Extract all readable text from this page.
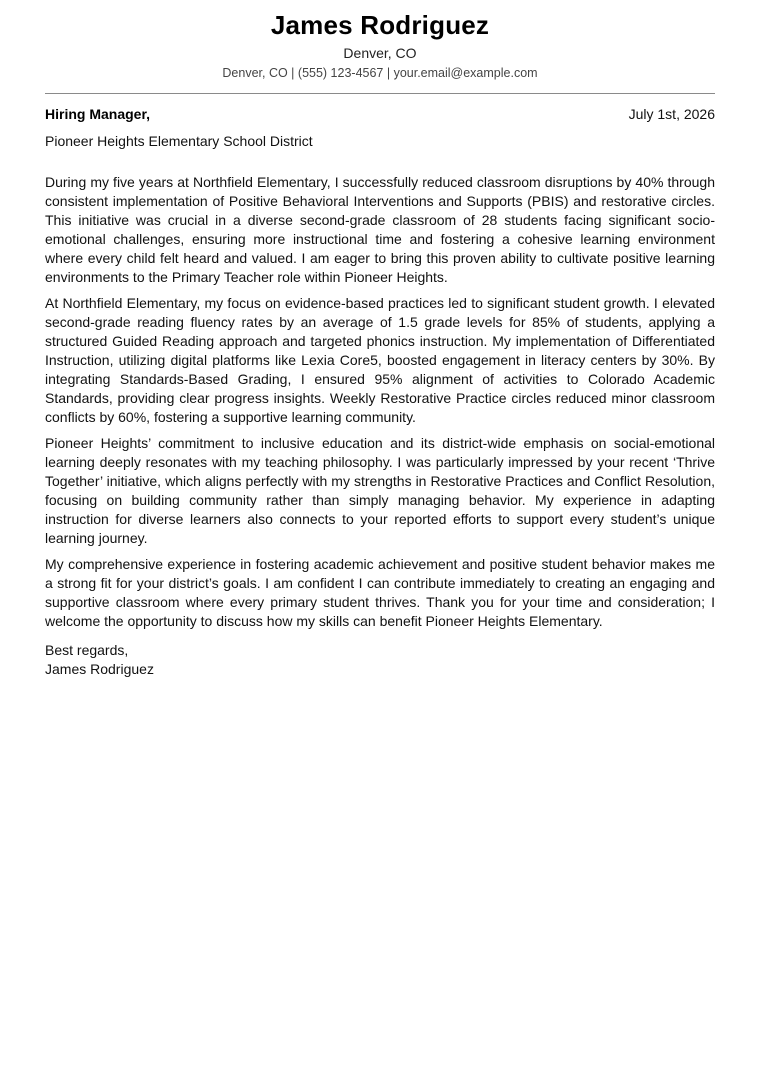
James Rodriguez
Denver, CO
Denver, CO | (555) 123-4567 | your.email@example.com
Hiring Manager,	July 1st, 2026
Pioneer Heights Elementary School District

During my five years at Northfield Elementary, I successfully reduced classroom disruptions by 40% through consistent implementation of Positive Behavioral Interventions and Supports (PBIS) and restorative circles. This initiative was crucial in a diverse second-grade classroom of 28 students facing significant socio-emotional challenges, ensuring more instructional time and fostering a cohesive learning environment where every child felt heard and valued. I am eager to bring this proven ability to cultivate positive learning environments to the Primary Teacher role within Pioneer Heights.

At Northfield Elementary, my focus on evidence-based practices led to significant student growth. I elevated second-grade reading fluency rates by an average of 1.5 grade levels for 85% of students, applying a structured Guided Reading approach and targeted phonics instruction. My implementation of Differentiated Instruction, utilizing digital platforms like Lexia Core5, boosted engagement in literacy centers by 30%. By integrating Standards-Based Grading, I ensured 95% alignment of activities to Colorado Academic Standards, providing clear progress insights. Weekly Restorative Practice circles reduced minor classroom conflicts by 60%, fostering a supportive learning community.

Pioneer Heights’ commitment to inclusive education and its district-wide emphasis on social-emotional learning deeply resonates with my teaching philosophy. I was particularly impressed by your recent ‘Thrive Together’ initiative, which aligns perfectly with my strengths in Restorative Practices and Conflict Resolution, focusing on building community rather than simply managing behavior. My experience in adapting instruction for diverse learners also connects to your reported efforts to support every student’s unique learning journey.

My comprehensive experience in fostering academic achievement and positive student behavior makes me a strong fit for your district’s goals. I am confident I can contribute immediately to creating an engaging and supportive classroom where every primary student thrives. Thank you for your time and consideration; I welcome the opportunity to discuss how my skills can benefit Pioneer Heights Elementary.

Best regards,
James Rodriguez
